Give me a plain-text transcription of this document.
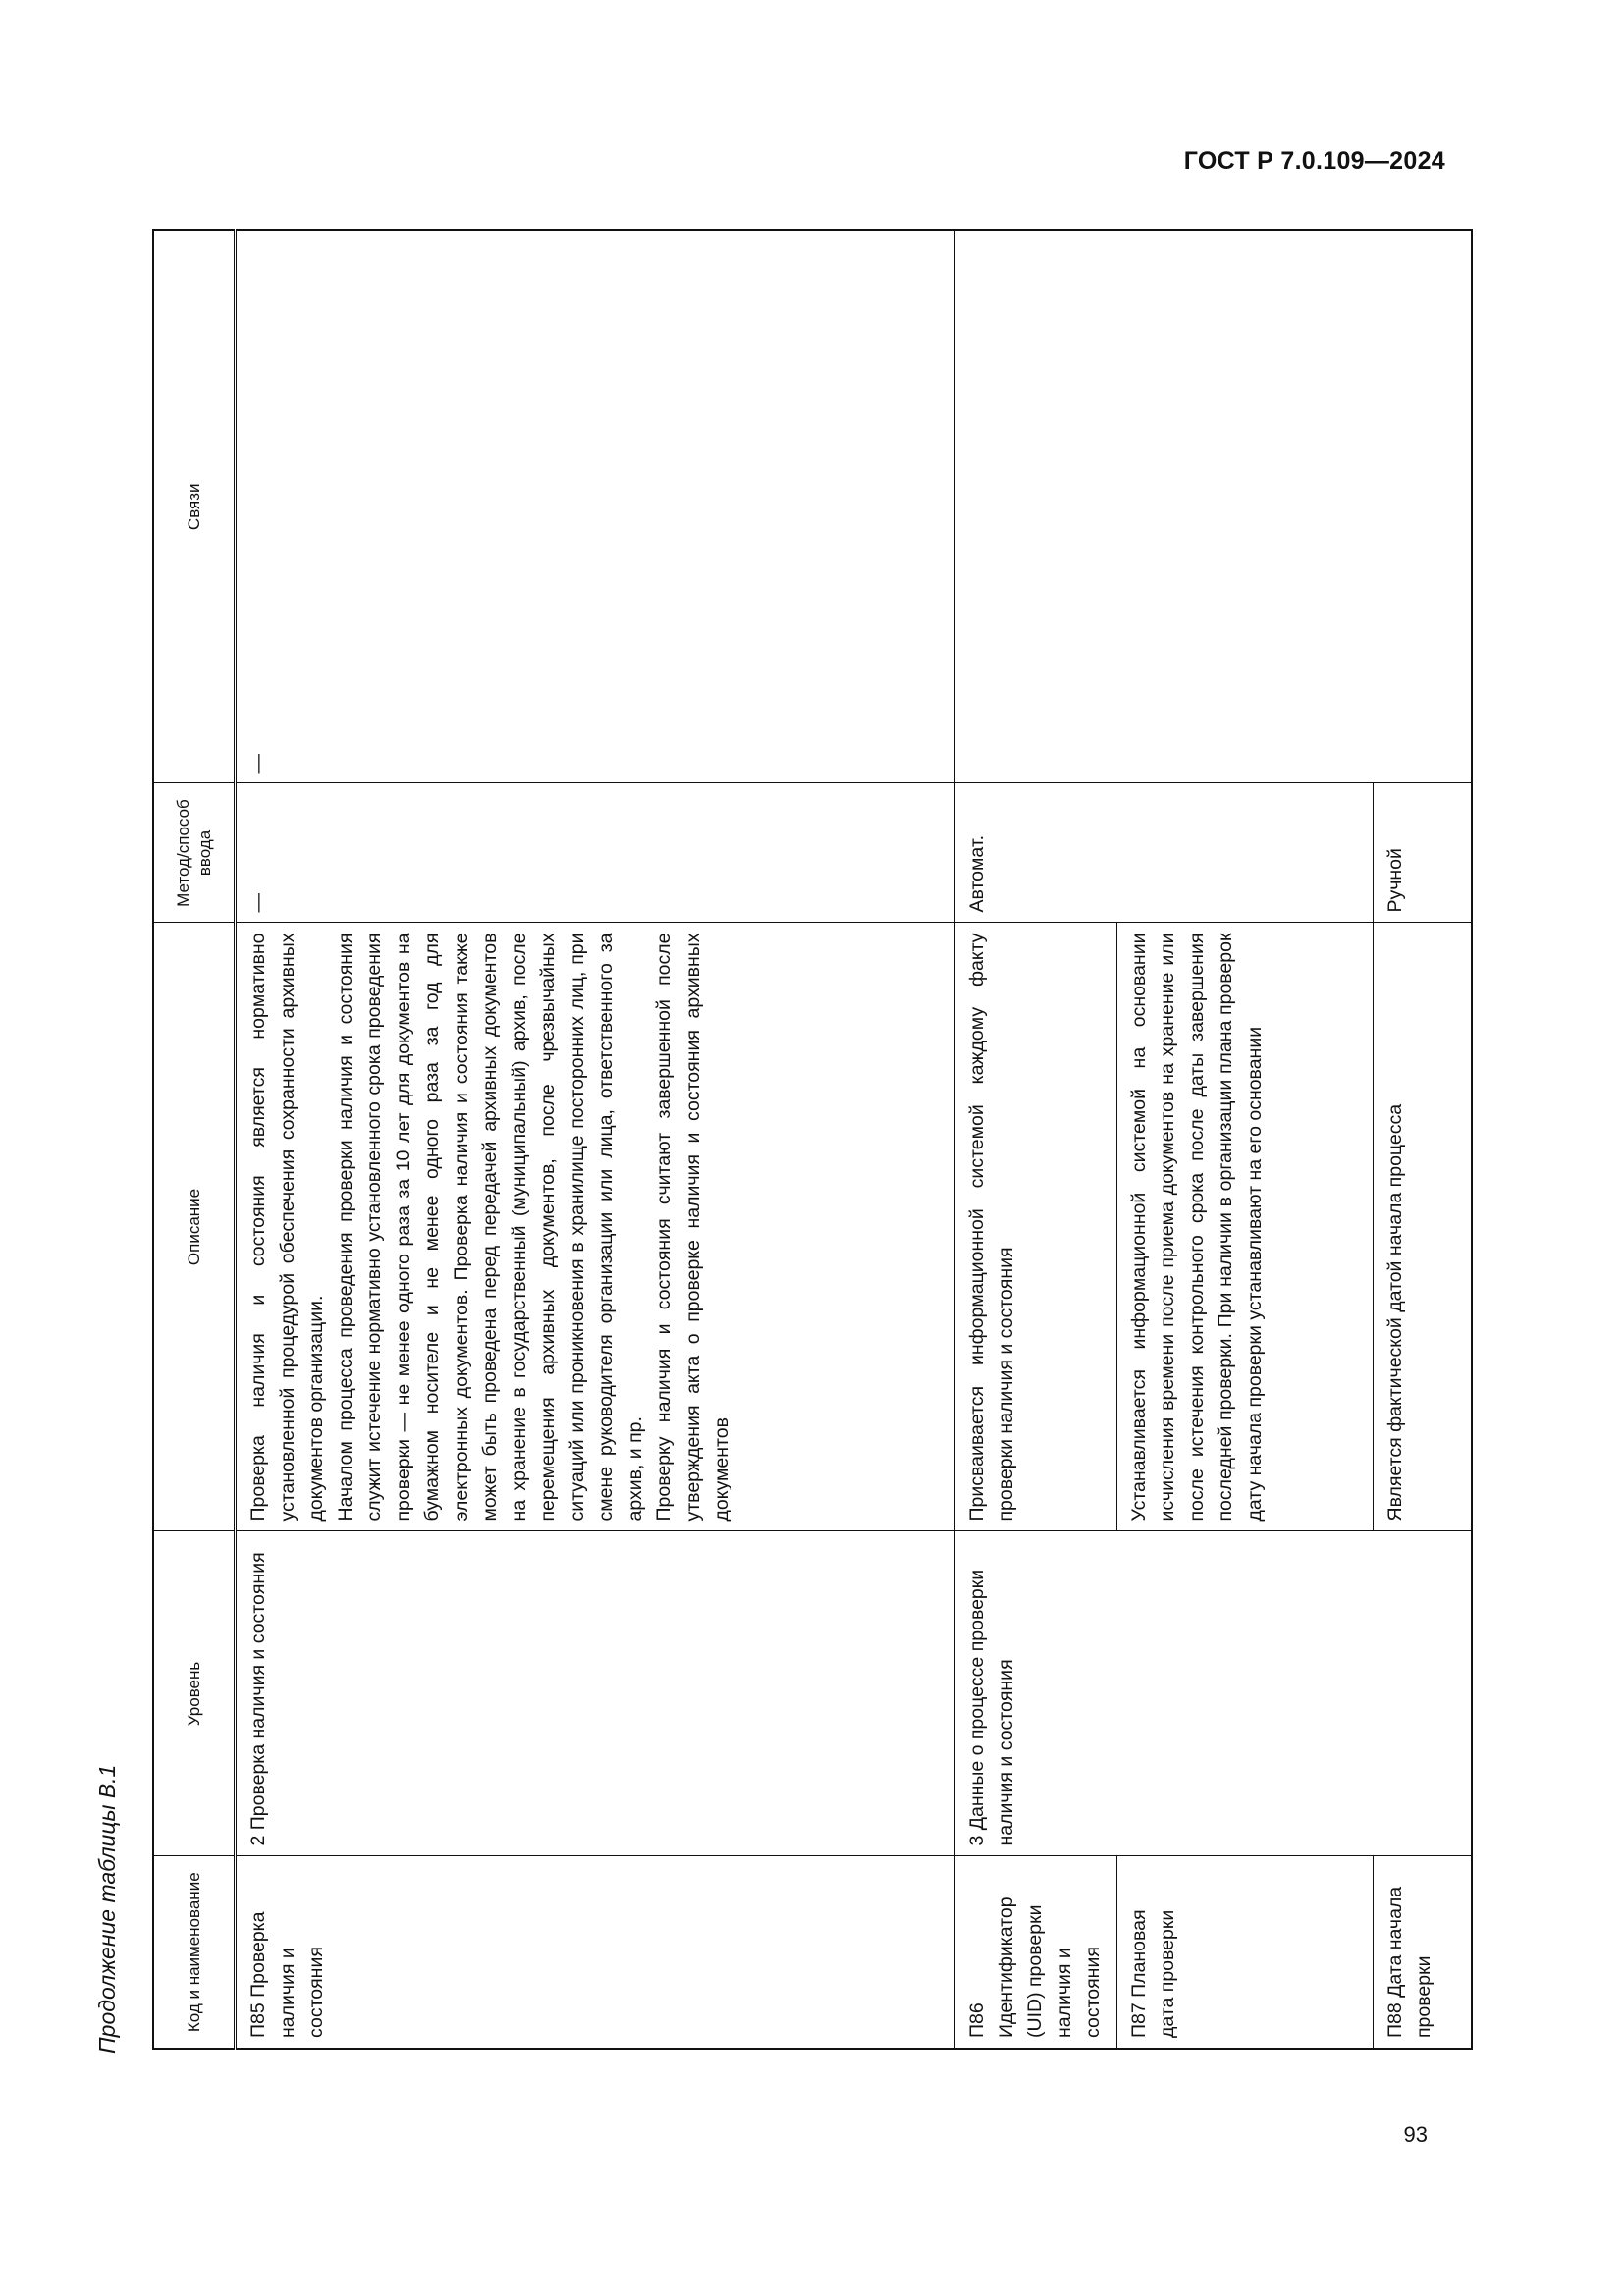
ГОСТ Р 7.0.109—2024
Продолжение таблицы В.1	Код и наименование	Уровень	Описание	Метод/способ ввода	Связи
П85 Проверка наличия и состояния	2 Проверка наличия и состояния	Проверка наличия и состояния является нормативно установленной процедурой обеспечения сохранности архивных документов организации. Началом процесса проведения проверки наличия и состояния служит истечение нормативно установленного срока проведения проверки — не менее одного раза за 10 лет для документов на бумажном носителе и не менее одного раза за год для электронных документов. Проверка наличия и состояния также может быть проведена перед передачей архивных документов на хранение в государственный (муниципальный) архив, после перемещения архивных документов, после чрезвычайных ситуаций или проникновения в хранилище посторонних лиц, при смене руководителя организации или лица, ответственного за архив, и пр. Проверку наличия и состояния считают завершенной после утверждения акта о проверке наличия и состояния архивных документов	—	—
П86 Идентификатор (UID) проверки наличия и состояния	3 Данные о процессе проверки наличия и состояния	Присваивается информационной системой каждому факту проверки наличия и состояния	Автомат.	
П87 Плановая дата проверки		Устанавливается информационной системой на основании исчисления времени после приема документов на хранение или после истечения контрольного срока после даты завершения последней проверки. При наличии в организации плана проверок дату начала проверки устанавливают на его основании		
П88 Дата начала проверки		Является фактической датой начала процесса	Ручной	
93
